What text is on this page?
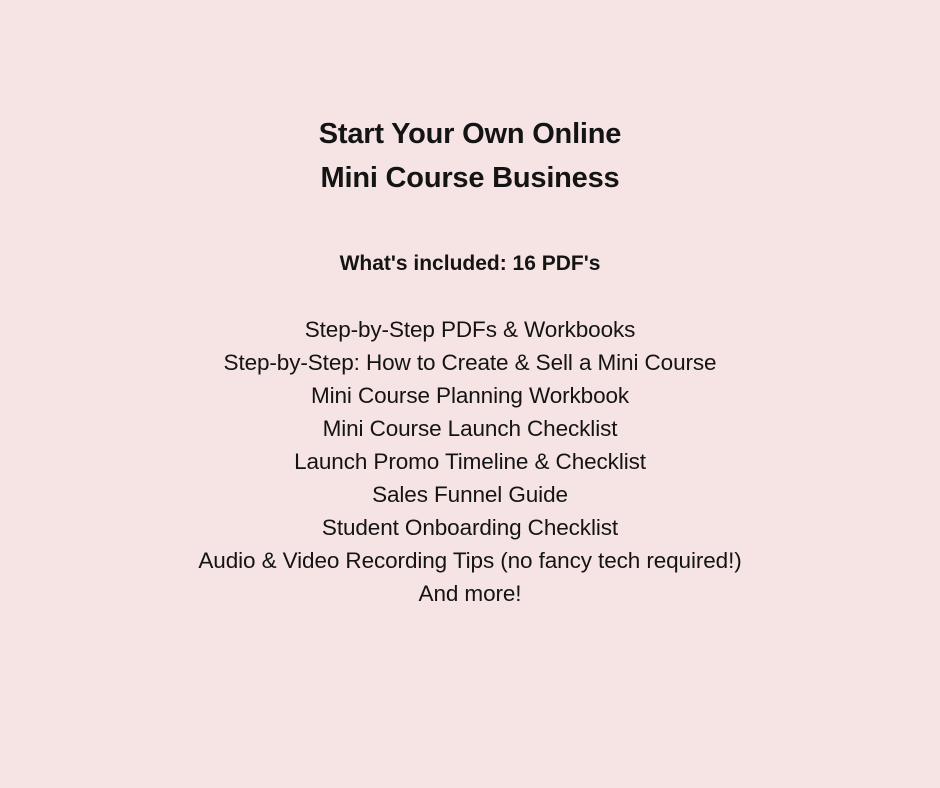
Start Your Own Online
Mini Course Business
What's included: 16 PDF's
Step-by-Step PDFs & Workbooks
Step-by-Step: How to Create & Sell a Mini Course
Mini Course Planning Workbook
Mini Course Launch Checklist
Launch Promo Timeline & Checklist
Sales Funnel Guide
Student Onboarding Checklist
Audio & Video Recording Tips (no fancy tech required!)
And more!
